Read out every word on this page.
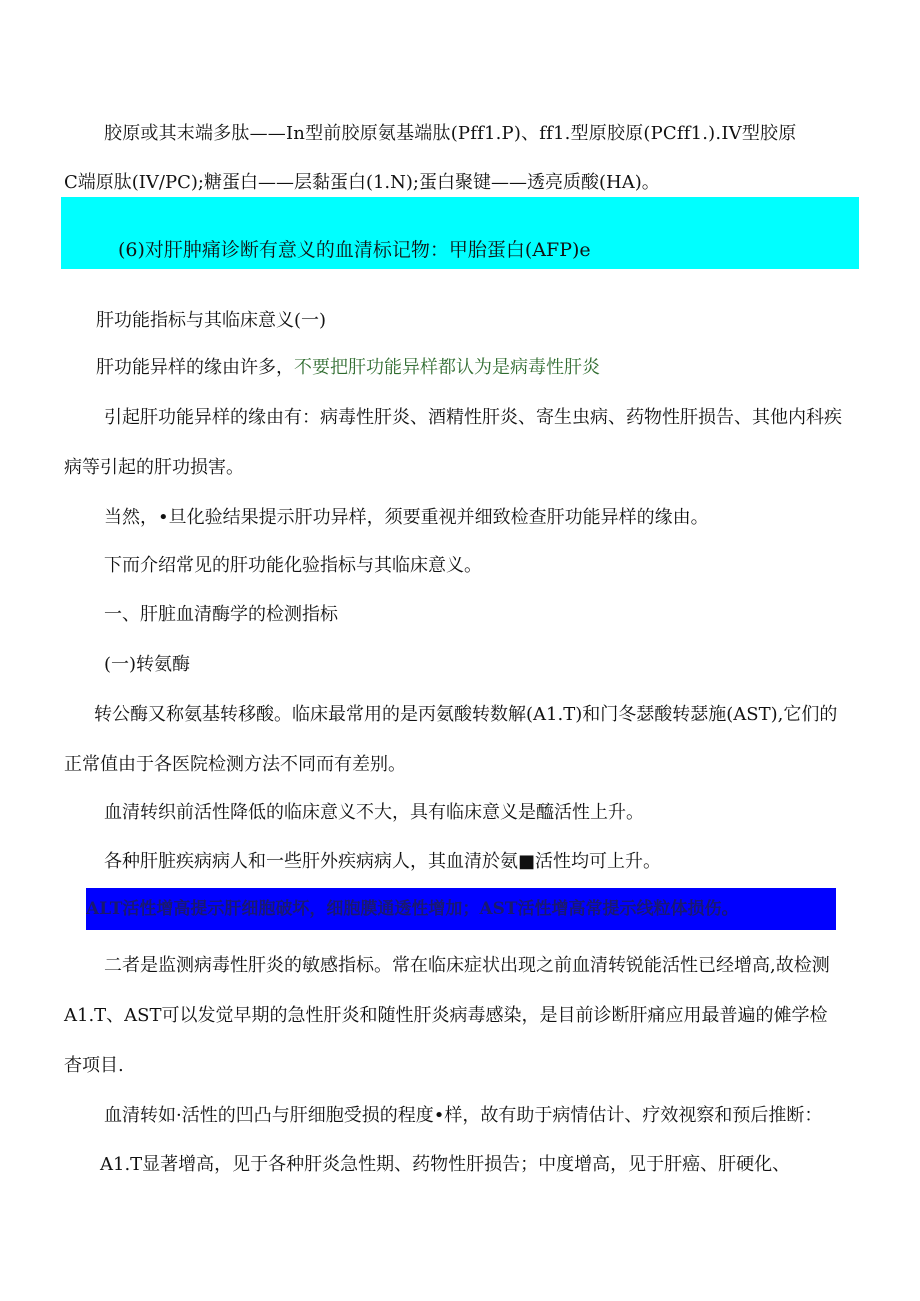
胶原或其末端多肽——In型前胶原氨基端肽(Pff1.P)、ff1.型原胶原(PCff1.).IV型胶原
C端原肽(IV/PC);糖蛋白——层黏蛋白(1.N);蛋白聚键——透亮质酸(HA)。
(6)对肝肿痛诊断有意义的血清标记物：甲胎蛋白(AFP)e
肝功能指标与其临床意义(一)
肝功能异样的缘由许多，不要把肝功能异样都认为是病毒性肝炎
引起肝功能异样的缘由有：病毒性肝炎、酒精性肝炎、寄生虫病、药物性肝损告、其他内科疾
病等引起的肝功损害。
当然，•旦化验结果提示肝功异样，须要重视并细致检查肝功能异样的缘由。
下而介绍常见的肝功能化验指标与其临床意义。
一、肝脏血清酶学的检测指标
(一)转氨酶
转公酶又称氨基转移酸。临床最常用的是丙氨酸转数解(A1.T)和门冬瑟酸转瑟施(AST),它们的
正常值由于各医院检测方法不同而有差别。
血清转织前活性降低的临床意义不大，具有临床意义是醯活性上升。
各种肝脏疾病病人和一些肝外疾病病人，其血清於氨■活性均可上升。
ALT活性增高提示肝细胞破坏，细胞膜通透性增加；AST活性增高常提示线粒体损伤。
二者是监测病毒性肝炎的敏感指标。常在临床症状出现之前血清转锐能活性已经增高,故检测
A1.T、AST可以发觉早期的急性肝炎和随性肝炎病毒感染，是目前诊断肝痛应用最普遍的傩学检
杳项目.
血清转如·活性的凹凸与肝细胞受损的程度•样，故有助于病情估计、疗效视察和预后推断：
A1.T显著增高，见于各种肝炎急性期、药物性肝损告；中度增高，见于肝癌、肝硬化、
